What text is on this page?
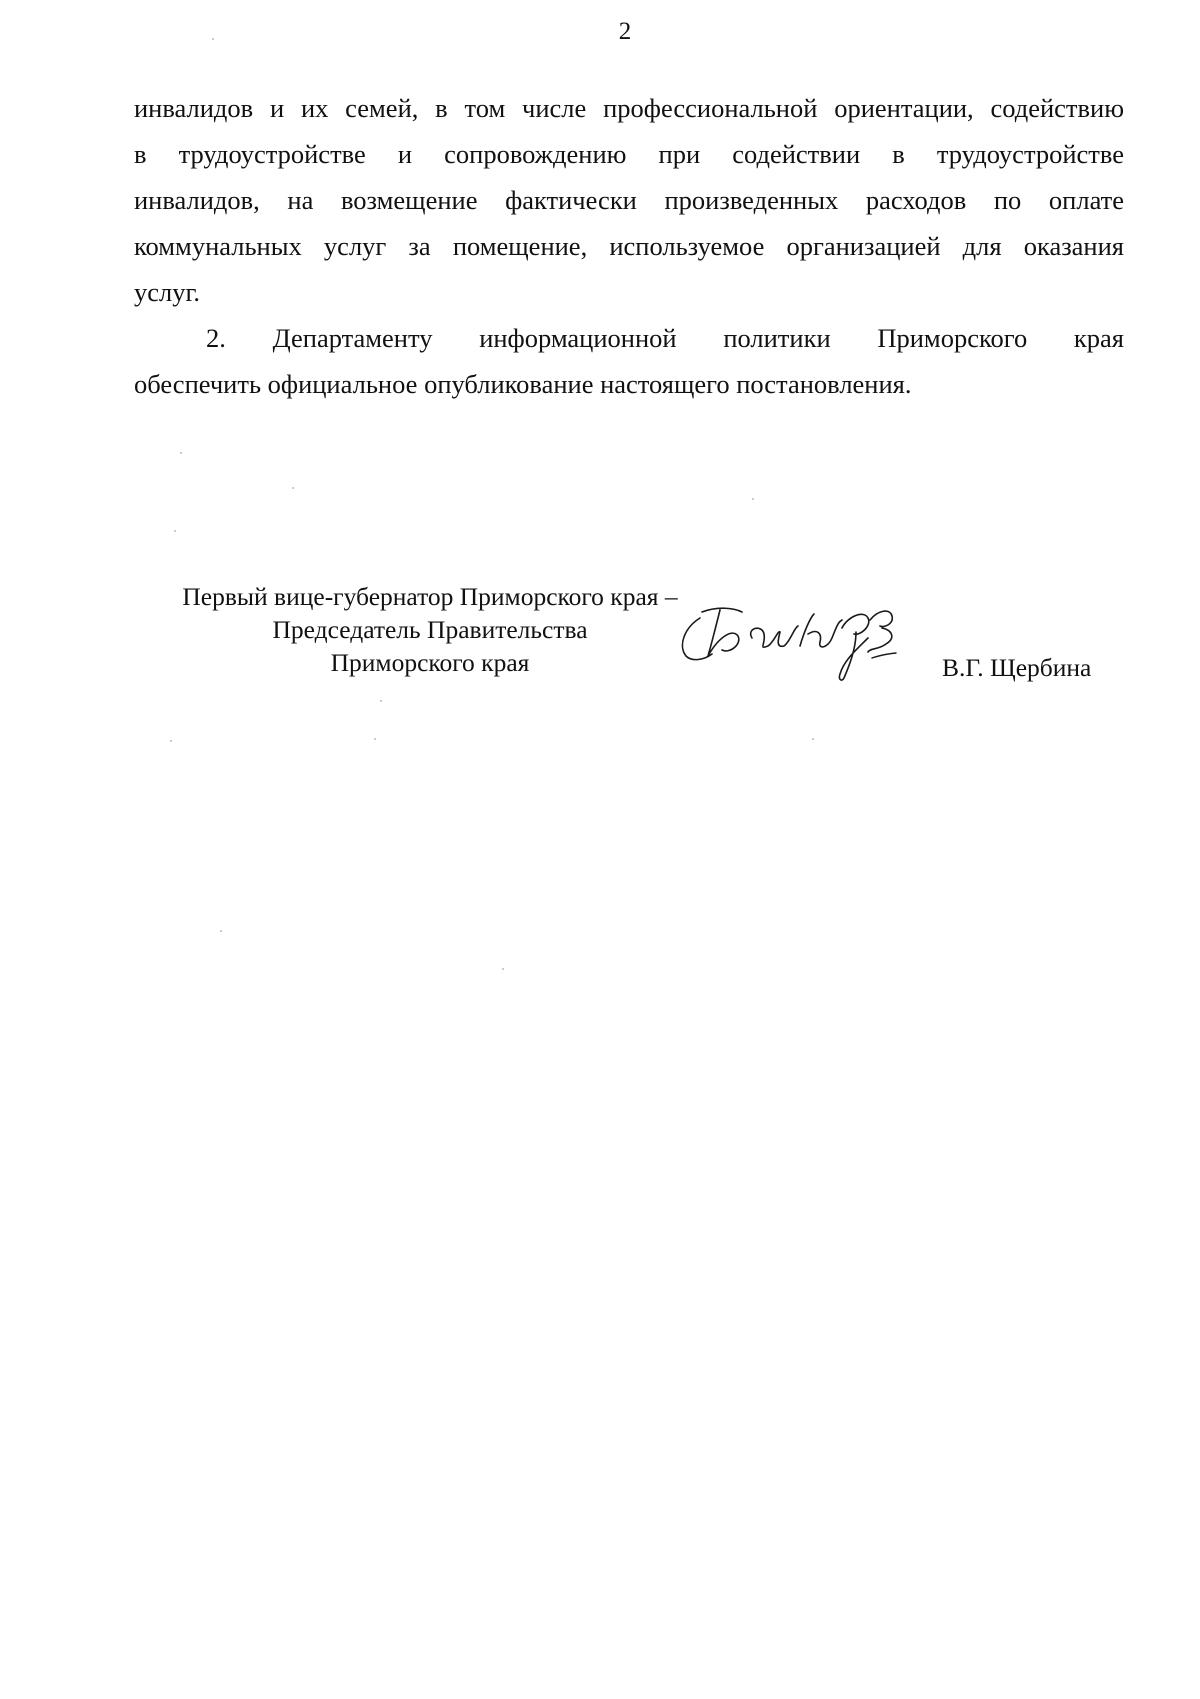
2

инвалидов и их семей, в том числе профессиональной ориентации, содействию
в трудоустройстве и сопровождению при содействии в трудоустройстве
инвалидов, на возмещение фактически произведенных расходов по оплате
коммунальных услуг за помещение, используемое организацией для оказания
услуг.

2. Департаменту информационной политики Приморского края
обеспечить официальное опубликование настоящего постановления.

Первый вице-губернатор Приморского края –
Председатель Правительства
Приморского края	В.Г. Щербина
